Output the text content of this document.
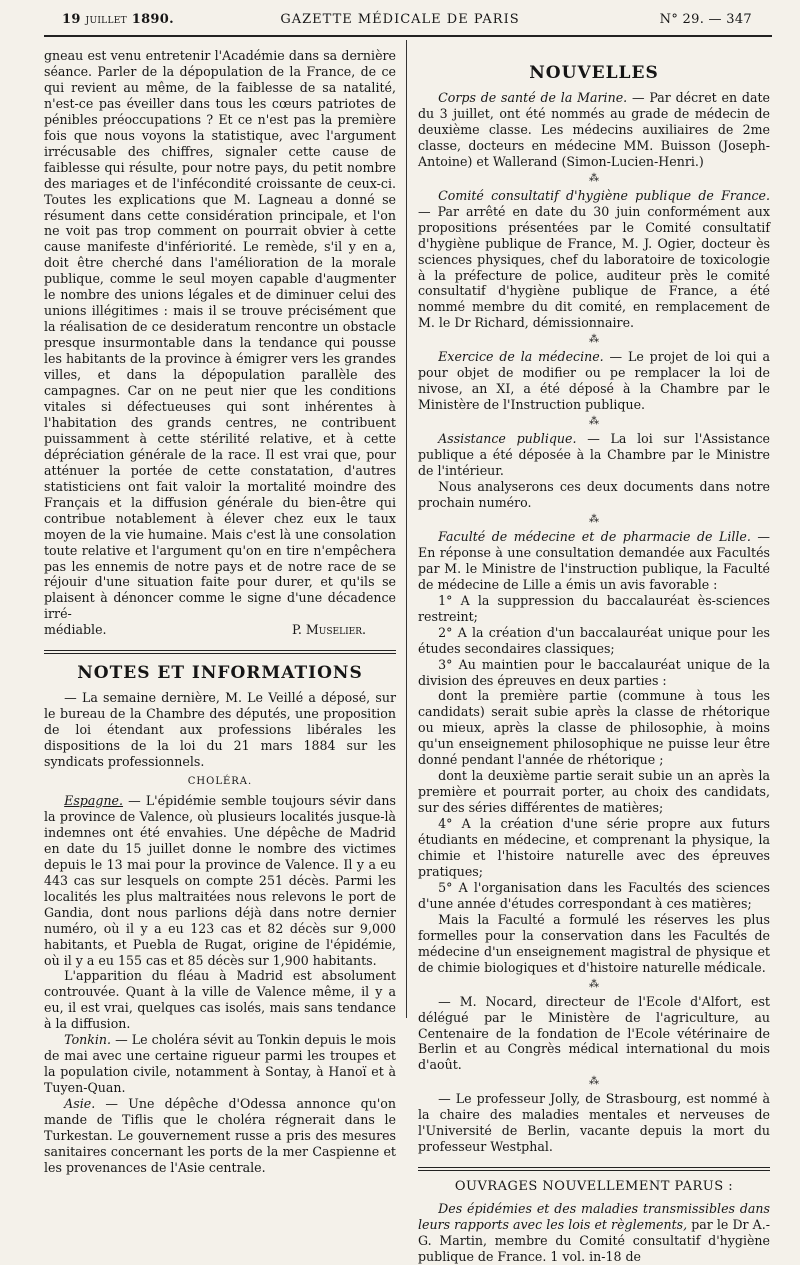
19 juillet 1890.	GAZETTE MÉDICALE DE PARIS	N° 29. — 347

gneau est venu entretenir l'Académie dans sa dernière séance. Parler de la dépopulation de la France, de ce qui revient au même, de la faiblesse de sa natalité, n'est-ce pas éveiller dans tous les cœurs patriotes de pénibles préoccupations ? Et ce n'est pas la première fois que nous voyons la statistique, avec l'argument irrécusable des chiffres, signaler cette cause de faiblesse qui résulte, pour notre pays, du petit nombre des mariages et de l'infécondité croissante de ceux-ci. Toutes les explications que M. Lagneau a donné se résument dans cette considération principale, et l'on ne voit pas trop comment on pourrait obvier à cette cause manifeste d'infériorité. Le remède, s'il y en a, doit être cherché dans l'amélioration de la morale publique, comme le seul moyen capable d'augmenter le nombre des unions légales et de diminuer celui des unions illégitimes : mais il se trouve précisément que la réalisation de ce desideratum rencontre un obstacle presque insurmontable dans la tendance qui pousse les habitants de la province à émigrer vers les grandes villes, et dans la dépopulation parallèle des campagnes. Car on ne peut nier que les conditions vitales si défectueuses qui sont inhérentes à l'habitation des grands centres, ne contribuent puissamment à cette stérilité relative, et à cette dépréciation générale de la race. Il est vrai que, pour atténuer la portée de cette constatation, d'autres statisticiens ont fait valoir la mortalité moindre des Français et la diffusion générale du bien-être qui contribue notablement à élever chez eux le taux moyen de la vie humaine. Mais c'est là une consolation toute relative et l'argument qu'on en tire n'empêchera pas les ennemis de notre pays et de notre race de se réjouir d'une situation faite pour durer, et qu'ils se plaisent à dénoncer comme le signe d'une décadence irré-

médiable.	P. Muselier.
NOTES ET INFORMATIONS

— La semaine dernière, M. Le Veillé a déposé, sur le bureau de la Chambre des députés, une proposition de loi étendant aux professions libérales les dispositions de la loi du 21 mars 1884 sur les syndicats professionnels.

CHOLÉRA.

Espagne. — L'épidémie semble toujours sévir dans la province de Valence, où plusieurs localités jusque-là indemnes ont été envahies. Une dépêche de Madrid en date du 15 juillet donne le nombre des victimes depuis le 13 mai pour la province de Valence. Il y a eu 443 cas sur lesquels on compte 251 décès. Parmi les localités les plus maltraitées nous relevons le port de Gandia, dont nous parlions déjà dans notre dernier numéro, où il y a eu 123 cas et 82 décès sur 9,000 habitants, et Puebla de Rugat, origine de l'épidémie, où il y a eu 155 cas et 85 décès sur 1,900 habitants.

L'apparition du fléau à Madrid est absolument controuvée. Quant à la ville de Valence même, il y a eu, il est vrai, quelques cas isolés, mais sans tendance à la diffusion.

Tonkin. — Le choléra sévit au Tonkin depuis le mois de mai avec une certaine rigueur parmi les troupes et la population civile, notamment à Sontay, à Hanoï et à Tuyen-Quan.

Asie. — Une dépêche d'Odessa annonce qu'on mande de Tiflis que le choléra régnerait dans le Turkestan. Le gouvernement russe a pris des mesures sanitaires concernant les ports de la mer Caspienne et les provenances de l'Asie centrale.

NOUVELLES

Corps de santé de la Marine. — Par décret en date du 3 juillet, ont été nommés au grade de médecin de deuxième classe. Les médecins auxiliaires de 2me classe, docteurs en médecine MM. Buisson (Joseph-Antoine) et Wallerand (Simon-Lucien-Henri.)

⁂

Comité consultatif d'hygiène publique de France. — Par arrêté en date du 30 juin conformément aux propositions présentées par le Comité consultatif d'hygiène publique de France, M. J. Ogier, docteur ès sciences physiques, chef du laboratoire de toxicologie à la préfecture de police, auditeur près le comité consultatif d'hygiène publique de France, a été nommé membre du dit comité, en remplacement de M. le Dr Richard, démissionnaire.

⁂

Exercice de la médecine. — Le projet de loi qui a pour objet de modifier ou pe remplacer la loi de nivose, an XI, a été déposé à la Chambre par le Ministère de l'Instruction publique.

⁂

Assistance publique. — La loi sur l'Assistance publique a été déposée à la Chambre par le Ministre de l'intérieur.

Nous analyserons ces deux documents dans notre prochain numéro.

⁂

Faculté de médecine et de pharmacie de Lille. — En réponse à une consultation demandée aux Facultés par M. le Ministre de l'instruction publique, la Faculté de médecine de Lille a émis un avis favorable :

1° A la suppression du baccalauréat ès-sciences restreint;

2° A la création d'un baccalauréat unique pour les études secondaires classiques;

3° Au maintien pour le baccalauréat unique de la division des épreuves en deux parties :

dont la première partie (commune à tous les candidats) serait subie après la classe de rhétorique ou mieux, après la classe de philosophie, à moins qu'un enseignement philosophique ne puisse leur être donné pendant l'année de rhétorique ;

dont la deuxième partie serait subie un an après la première et pourrait porter, au choix des candidats, sur des séries différentes de matières;

4° A la création d'une série propre aux futurs étudiants en médecine, et comprenant la physique, la chimie et l'histoire naturelle avec des épreuves pratiques;

5° A l'organisation dans les Facultés des sciences d'une année d'études correspondant à ces matières;

Mais la Faculté a formulé les réserves les plus formelles pour la conservation dans les Facultés de médecine d'un enseignement magistral de physique et de chimie biologiques et d'histoire naturelle médicale.

⁂

— M. Nocard, directeur de l'Ecole d'Alfort, est délégué par le Ministère de l'agriculture, au Centenaire de la fondation de l'Ecole vétérinaire de Berlin et au Congrès médical international du mois d'août.

⁂

— Le professeur Jolly, de Strasbourg, est nommé à la chaire des maladies mentales et nerveuses de l'Université de Berlin, vacante depuis la mort du professeur Westphal.

OUVRAGES NOUVELLEMENT PARUS :

Des épidémies et des maladies transmissibles dans leurs rapports avec les lois et règlements, par le Dr A.-G. Martin, membre du Comité consultatif d'hygiène publique de France. 1 vol. in-18 de
